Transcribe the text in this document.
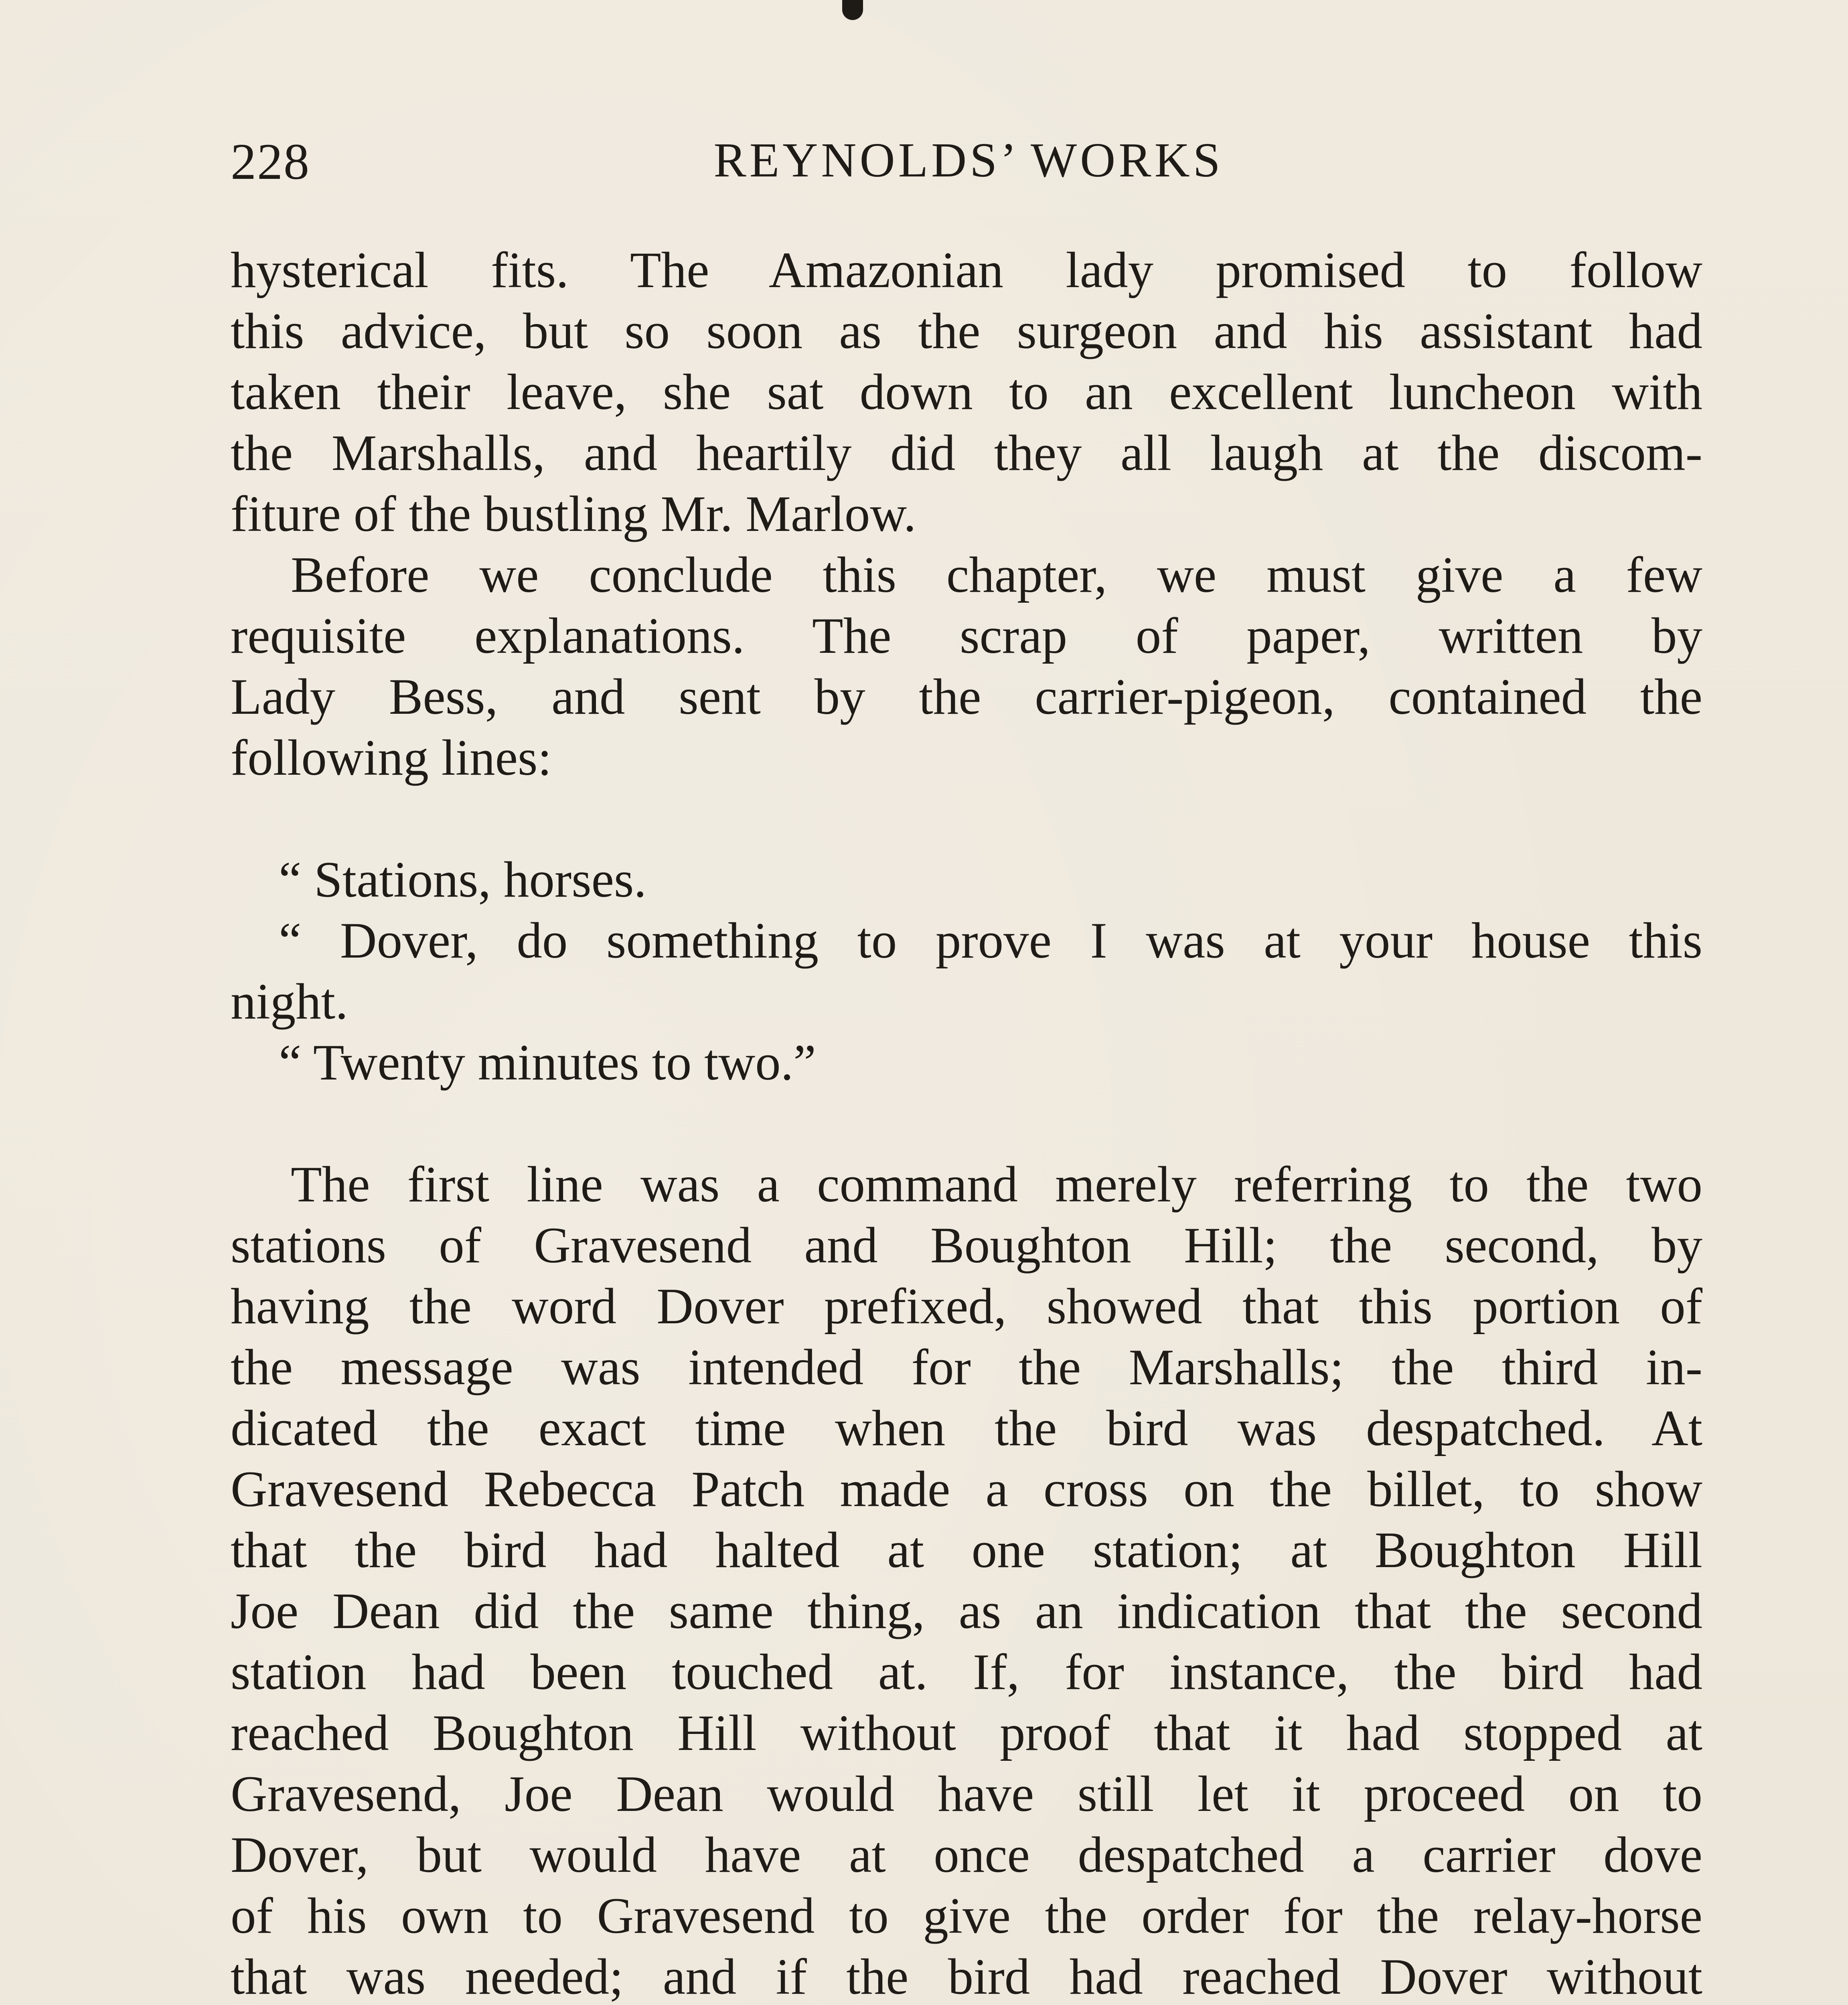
228	REYNOLDS’ WORKS

hysterical fits. The Amazonian lady promised to follow

this advice, but so soon as the surgeon and his assistant had

taken their leave, she sat down to an excellent luncheon with

the Marshalls, and heartily did they all laugh at the discom-

fiture of the bustling Mr. Marlow.

Before we conclude this chapter, we must give a few

requisite explanations. The scrap of paper, written by

Lady Bess, and sent by the carrier-pigeon, contained the

following lines:

“ Stations, horses.

“ Dover, do something to prove I was at your house this

night.

“ Twenty minutes to two.”

The first line was a command merely referring to the two

stations of Gravesend and Boughton Hill; the second, by

having the word Dover prefixed, showed that this portion of

the message was intended for the Marshalls; the third in-

dicated the exact time when the bird was despatched. At

Gravesend Rebecca Patch made a cross on the billet, to show

that the bird had halted at one station; at Boughton Hill

Joe Dean did the same thing, as an indication that the second

station had been touched at. If, for instance, the bird had

reached Boughton Hill without proof that it had stopped at

Gravesend, Joe Dean would have still let it proceed on to

Dover, but would have at once despatched a carrier dove

of his own to Gravesend to give the order for the relay-horse

that was needed; and if the bird had reached Dover without
